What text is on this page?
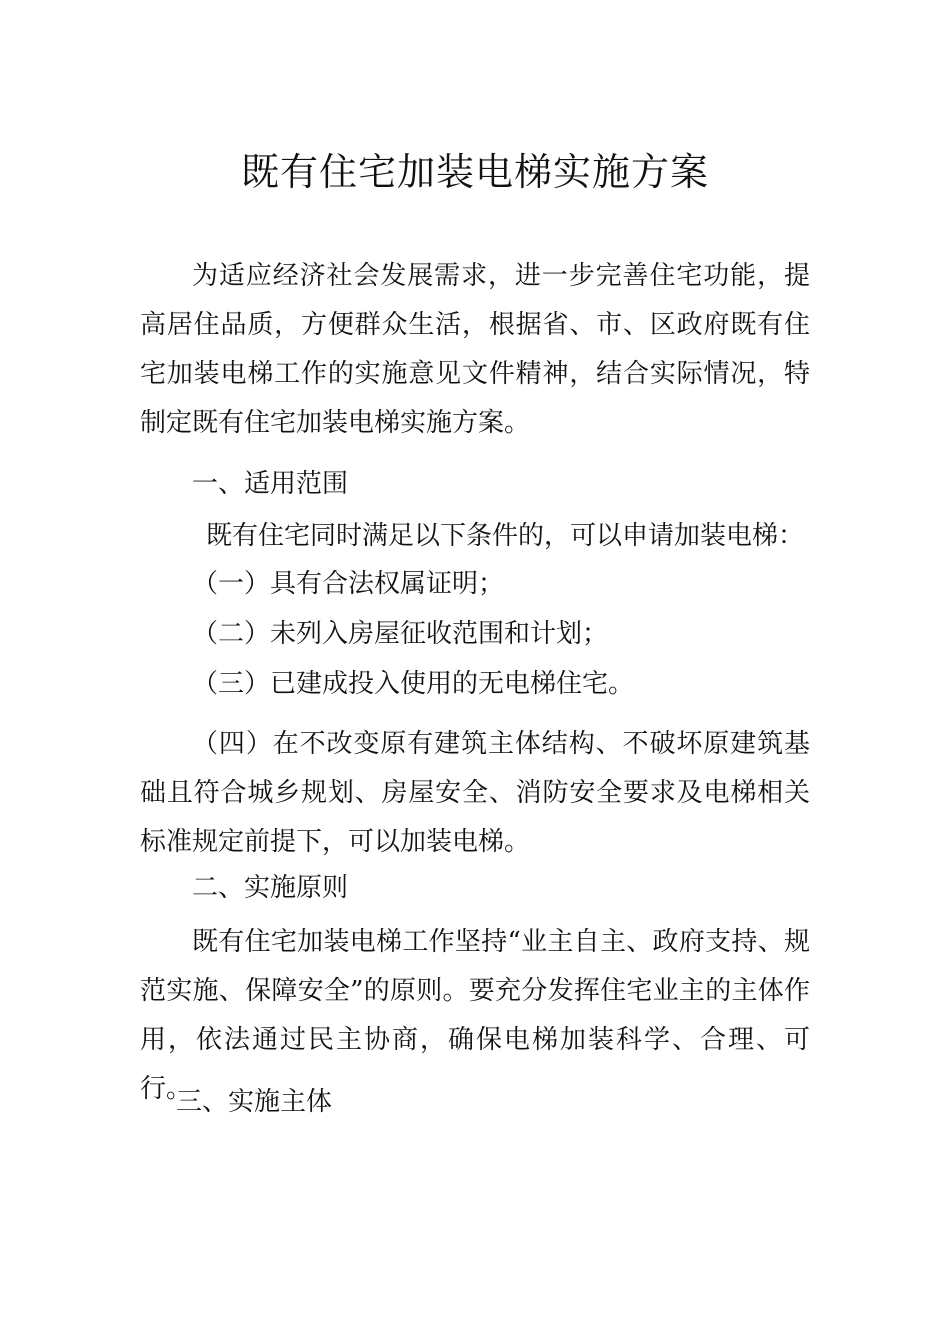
既有住宅加装电梯实施方案
为适应经济社会发展需求，进一步完善住宅功能，提高居住品质，方便群众生活，根据省、市、区政府既有住宅加装电梯工作的实施意见文件精神，结合实际情况，特制定既有住宅加装电梯实施方案。
一、适用范围
既有住宅同时满足以下条件的，可以申请加装电梯：
（一）具有合法权属证明；
（二）未列入房屋征收范围和计划；
（三）已建成投入使用的无电梯住宅。
（四）在不改变原有建筑主体结构、不破坏原建筑基础且符合城乡规划、房屋安全、消防安全要求及电梯相关标准规定前提下，可以加装电梯。
二、实施原则
既有住宅加装电梯工作坚持“业主自主、政府支持、规范实施、保障安全”的原则。要充分发挥住宅业主的主体作用，依法通过民主协商，确保电梯加装科学、合理、可行。
三、实施主体
